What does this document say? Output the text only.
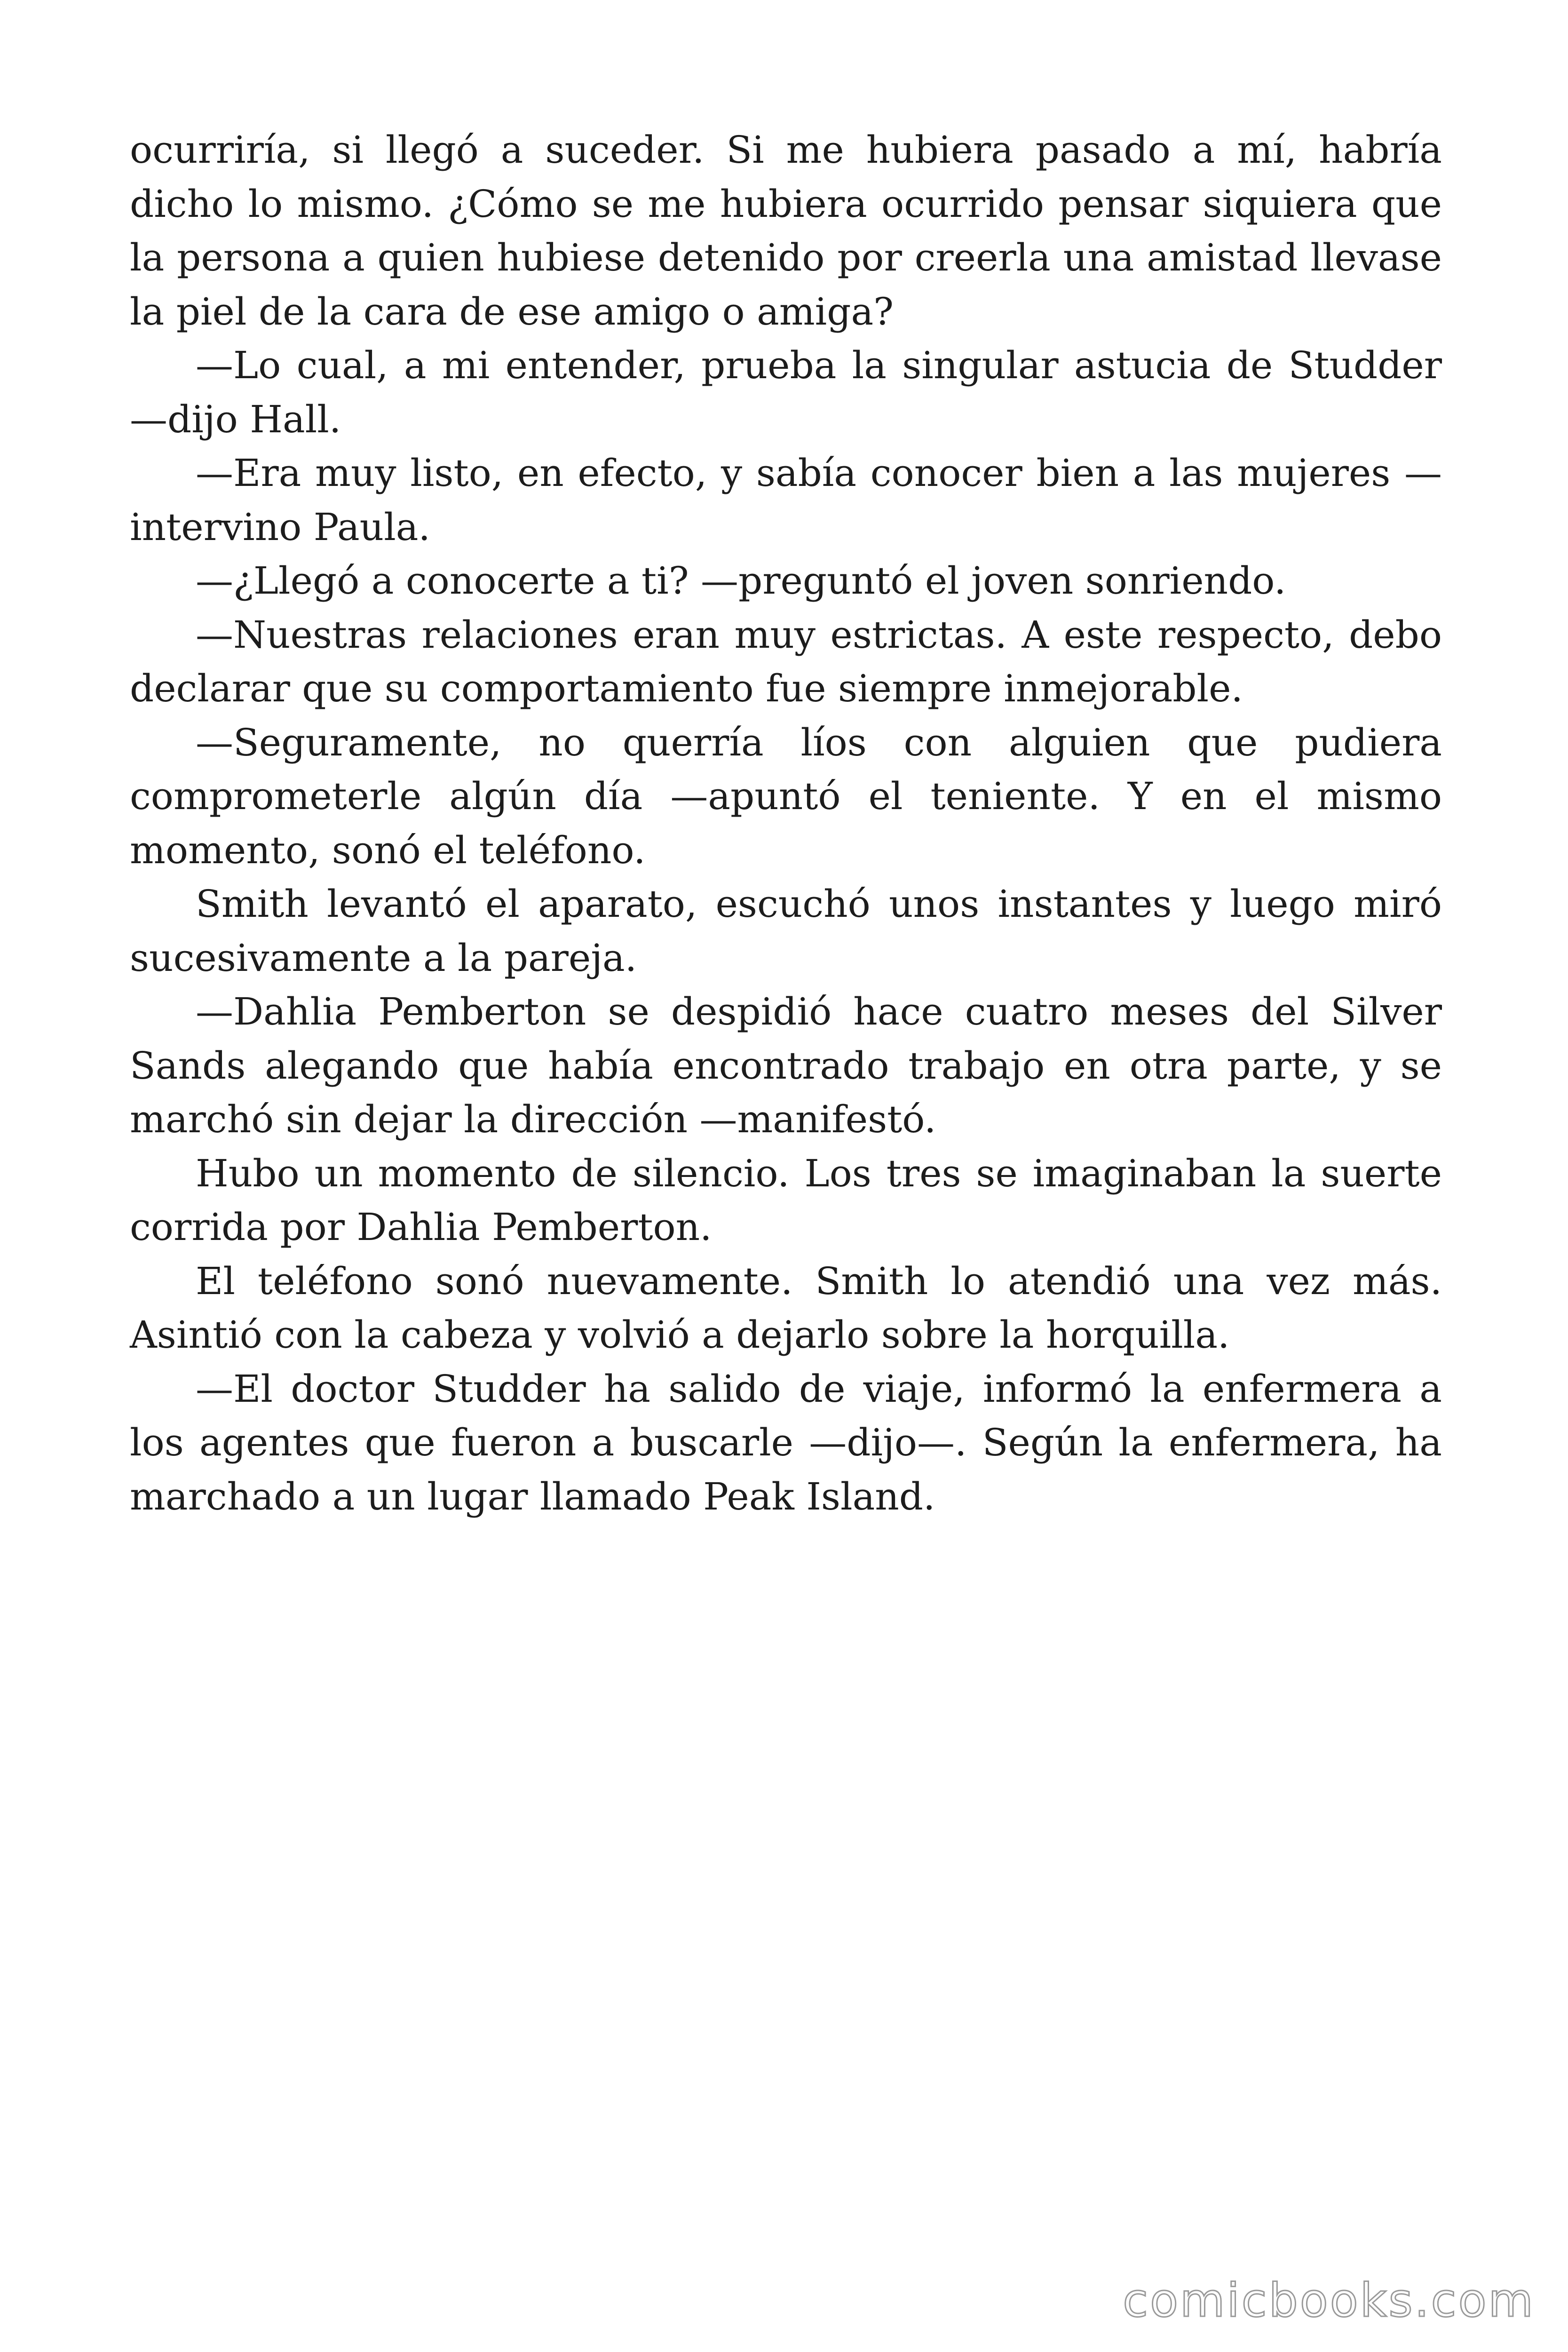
ocurriría, si llegó a suceder. Si me hubiera pasado a mí, habría dicho lo mismo. ¿Cómo se me hubiera ocurrido pensar siquiera que la persona a quien hubiese detenido por creerla una amistad llevase la piel de la cara de ese amigo o amiga?

—Lo cual, a mi entender, prueba la singular astucia de Studder —dijo Hall.

—Era muy listo, en efecto, y sabía conocer bien a las mujeres — intervino Paula.

—¿Llegó a conocerte a ti? —preguntó el joven sonriendo.

—Nuestras relaciones eran muy estrictas. A este respecto, debo declarar que su comportamiento fue siempre inmejorable.

—Seguramente, no querría líos con alguien que pudiera comprometerle algún día —apuntó el teniente. Y en el mismo momento, sonó el teléfono.

Smith levantó el aparato, escuchó unos instantes y luego miró sucesivamente a la pareja.

—Dahlia Pemberton se despidió hace cuatro meses del Silver Sands alegando que había encontrado trabajo en otra parte, y se marchó sin dejar la dirección —manifestó.

Hubo un momento de silencio. Los tres se imaginaban la suerte corrida por Dahlia Pemberton.

El teléfono sonó nuevamente. Smith lo atendió una vez más. Asintió con la cabeza y volvió a dejarlo sobre la horquilla.

—El doctor Studder ha salido de viaje, informó la enfermera a los agentes que fueron a buscarle —dijo—. Según la enfermera, ha marchado a un lugar llamado Peak Island.

comicbooks.com
